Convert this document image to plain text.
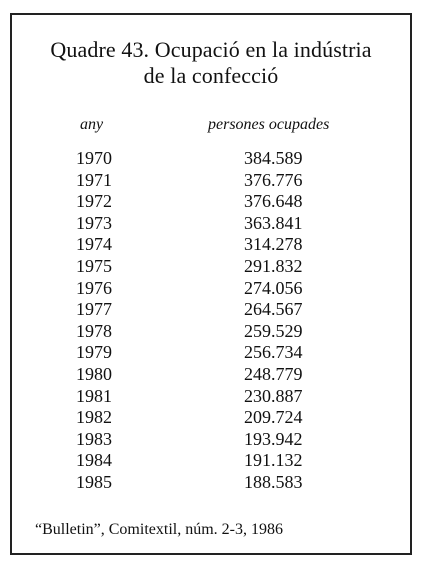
Quadre 43. Ocupació en la indústria
de la confecció
any	persones ocupades
1970	384.589
1971	376.776
1972	376.648
1973	363.841
1974	314.278
1975	291.832
1976	274.056
1977	264.567
1978	259.529
1979	256.734
1980	248.779
1981	230.887
1982	209.724
1983	193.942
1984	191.132
1985	188.583
“Bulletin”, Comitextil, núm. 2-3, 1986
